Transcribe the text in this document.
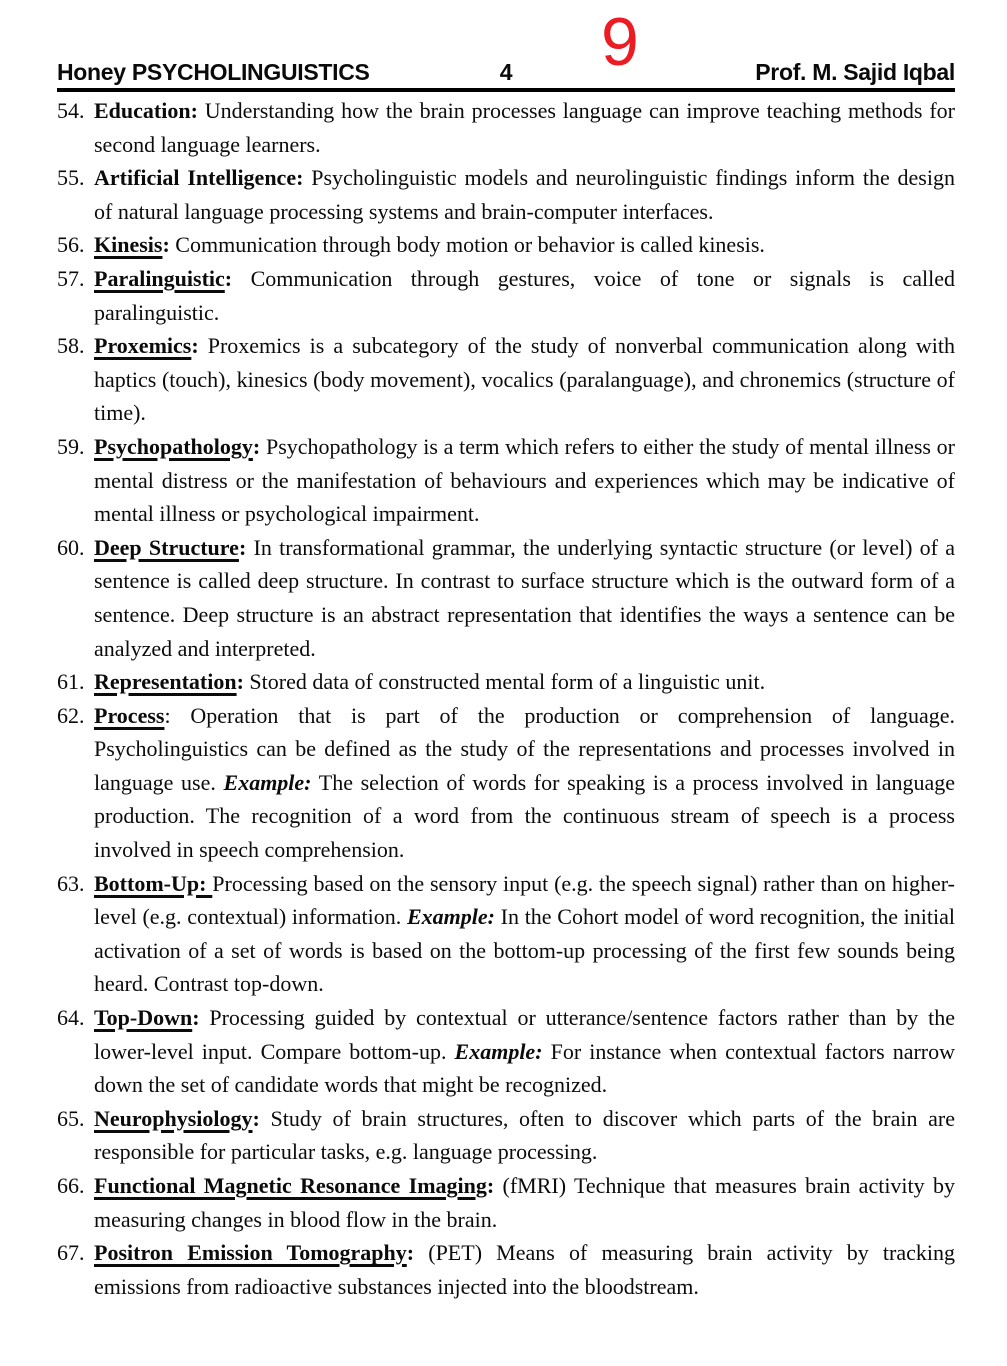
9
Honey PSYCHOLINGUISTICS	4	Prof. M. Sajid Iqbal
54. Education: Understanding how the brain processes language can improve teaching methods for second language learners.
55. Artificial Intelligence: Psycholinguistic models and neurolinguistic findings inform the design of natural language processing systems and brain-computer interfaces.
56. Kinesis: Communication through body motion or behavior is called kinesis.
57. Paralinguistic: Communication through gestures, voice of tone or signals is called paralinguistic.
58. Proxemics: Proxemics is a subcategory of the study of nonverbal communication along with haptics (touch), kinesics (body movement), vocalics (paralanguage), and chronemics (structure of time).
59. Psychopathology: Psychopathology is a term which refers to either the study of mental illness or mental distress or the manifestation of behaviours and experiences which may be indicative of mental illness or psychological impairment.
60. Deep Structure: In transformational grammar, the underlying syntactic structure (or level) of a sentence is called deep structure. In contrast to surface structure which is the outward form of a sentence. Deep structure is an abstract representation that identifies the ways a sentence can be analyzed and interpreted.
61. Representation: Stored data of constructed mental form of a linguistic unit.
62. Process: Operation that is part of the production or comprehension of language. Psycholinguistics can be defined as the study of the representations and processes involved in language use. Example: The selection of words for speaking is a process involved in language production. The recognition of a word from the continuous stream of speech is a process involved in speech comprehension.
63. Bottom-Up: Processing based on the sensory input (e.g. the speech signal) rather than on higher-level (e.g. contextual) information. Example: In the Cohort model of word recognition, the initial activation of a set of words is based on the bottom-up processing of the first few sounds being heard. Contrast top-down.
64. Top-Down: Processing guided by contextual or utterance/sentence factors rather than by the lower-level input. Compare bottom-up. Example: For instance when contextual factors narrow down the set of candidate words that might be recognized.
65. Neurophysiology: Study of brain structures, often to discover which parts of the brain are responsible for particular tasks, e.g. language processing.
66. Functional Magnetic Resonance Imaging: (fMRI) Technique that measures brain activity by measuring changes in blood flow in the brain.
67. Positron Emission Tomography: (PET) Means of measuring brain activity by tracking emissions from radioactive substances injected into the bloodstream.
